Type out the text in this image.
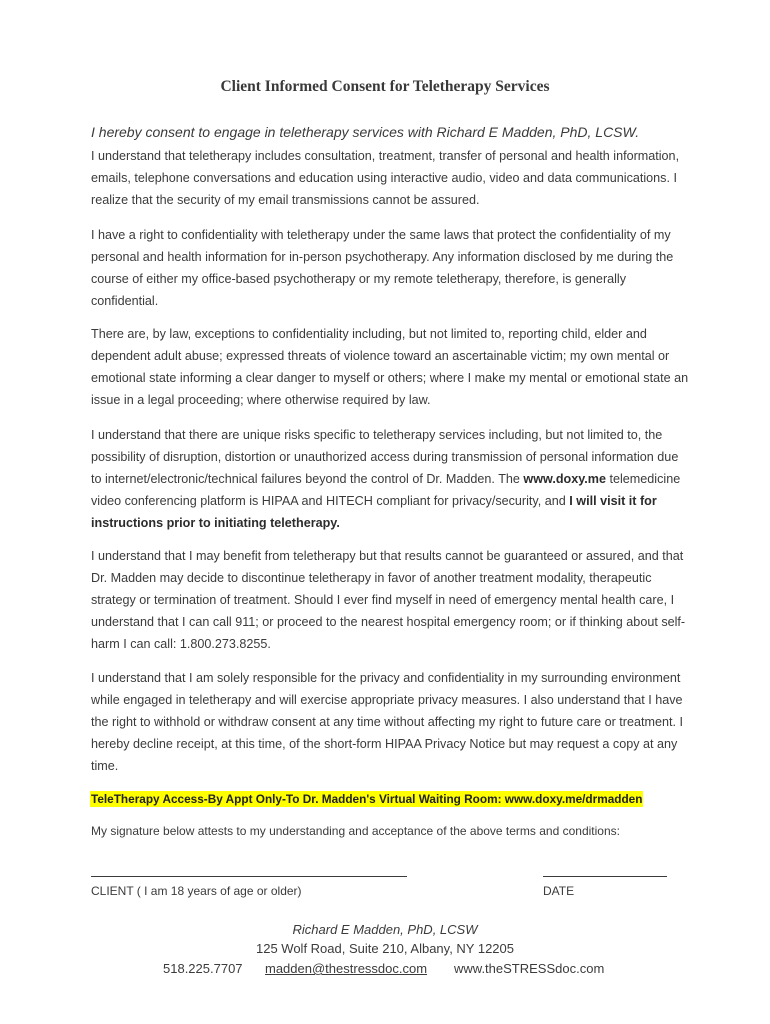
Client Informed Consent for Teletherapy Services
I hereby consent to engage in teletherapy services with Richard E Madden, PhD, LCSW.
I understand that teletherapy includes consultation, treatment, transfer of personal and health information, emails, telephone conversations and education using interactive audio, video and data communications. I realize that the security of my email transmissions cannot be assured.
I have a right to confidentiality with teletherapy under the same laws that protect the confidentiality of my personal and health information for in-person psychotherapy. Any information disclosed by me during the course of either my office-based psychotherapy or my remote teletherapy, therefore, is generally confidential.
There are, by law, exceptions to confidentiality including, but not limited to, reporting child, elder and dependent adult abuse; expressed threats of violence toward an ascertainable victim; my own mental or emotional state informing a clear danger to myself or others; where I make my mental or emotional state an issue in a legal proceeding; where otherwise required by law.
I understand that there are unique risks specific to teletherapy services including, but not limited to, the possibility of disruption, distortion or unauthorized access during transmission of personal information due to internet/electronic/technical failures beyond the control of Dr. Madden. The www.doxy.me telemedicine video conferencing platform is HIPAA and HITECH compliant for privacy/security, and I will visit it for instructions prior to initiating teletherapy.
I understand that I may benefit from teletherapy but that results cannot be guaranteed or assured, and that Dr. Madden may decide to discontinue teletherapy in favor of another treatment modality, therapeutic strategy or termination of treatment. Should I ever find myself in need of emergency mental health care, I understand that I can call 911; or proceed to the nearest hospital emergency room; or if thinking about self-harm I can call: 1.800.273.8255.
I understand that I am solely responsible for the privacy and confidentiality in my surrounding environment while engaged in teletherapy and will exercise appropriate privacy measures. I also understand that I have the right to withhold or withdraw consent at any time without affecting my right to future care or treatment. I hereby decline receipt, at this time, of the short-form HIPAA Privacy Notice but may request a copy at any time.
TeleTherapy Access-By Appt Only-To Dr. Madden's Virtual Waiting Room: www.doxy.me/drmadden
My signature below attests to my understanding and acceptance of the above terms and conditions:
CLIENT ( I am 18 years of age or older)	DATE
Richard E Madden, PhD, LCSW
125 Wolf Road, Suite 210, Albany, NY 12205
518.225.7707 madden@thestressdoc.com www.theSTRESSdoc.com
